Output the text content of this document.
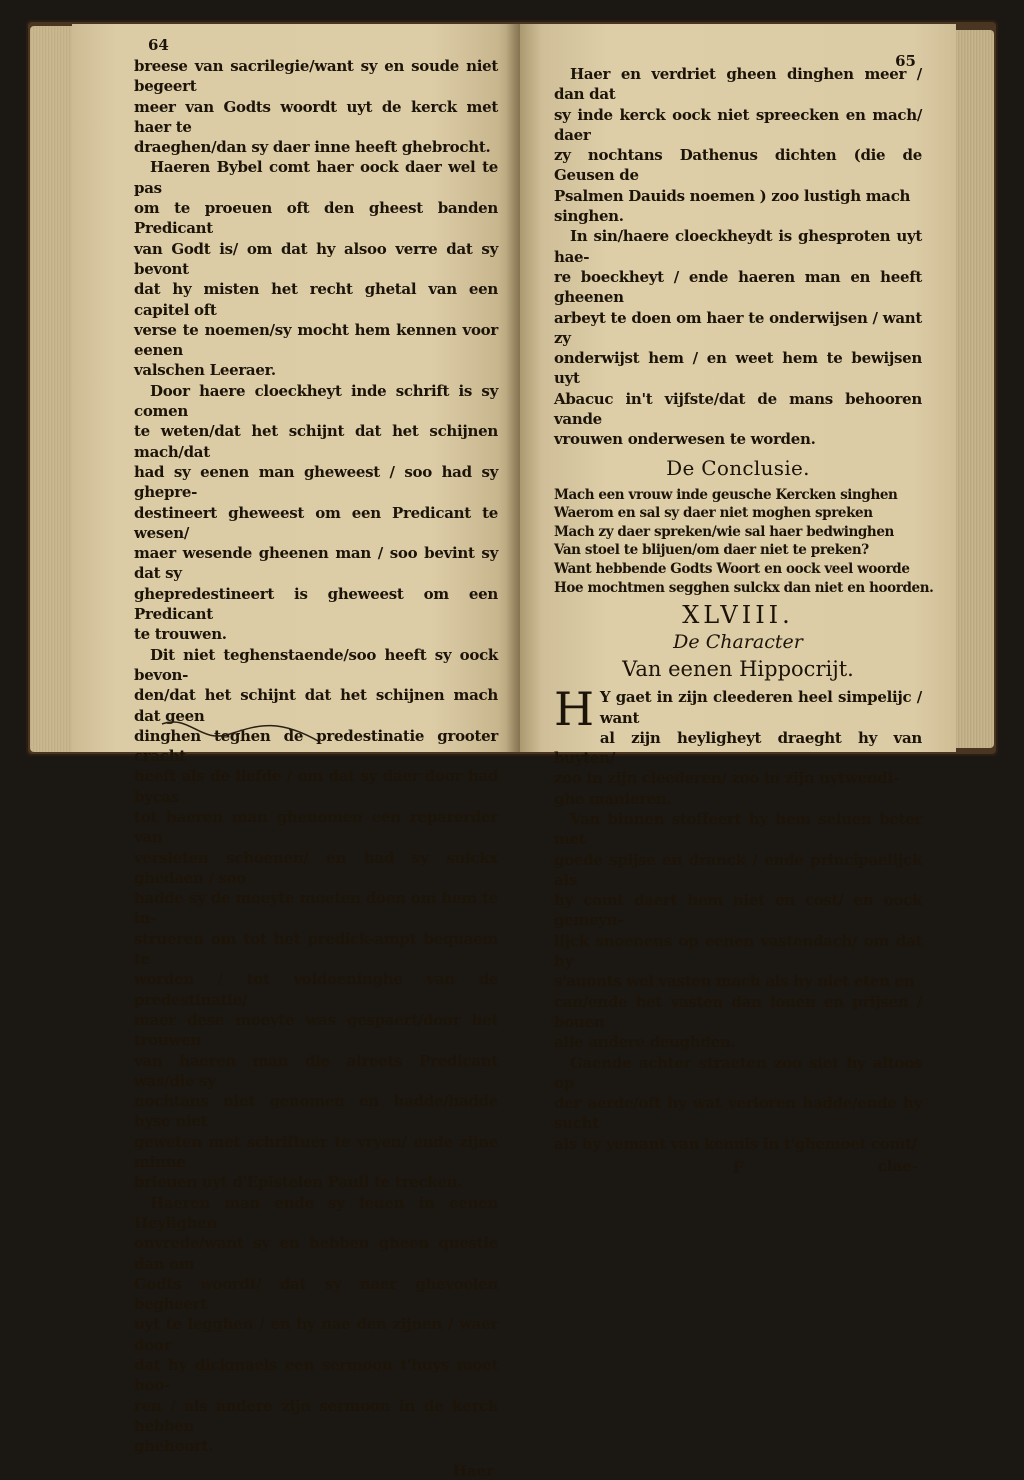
64

breese van sacrilegie/want sy en soude niet begeert

meer van Godts woordt uyt de kerck met haer te

draeghen/dan sy daer inne heeft ghebrocht.

Haeren Bybel comt haer oock daer wel te pas

om te proeuen oft den gheest banden Predicant

van Godt is/ om dat hy alsoo verre dat sy bevont

dat hy misten het recht ghetal van een capitel oft

verse te noemen/sy mocht hem kennen voor eenen

valschen Leeraer.

Door haere cloeckheyt inde schrift is sy comen

te weten/dat het schijnt dat het schijnen mach/dat

had sy eenen man gheweest / soo had sy ghepre-

destineert gheweest om een Predicant te wesen/

maer wesende gheenen man / soo bevint sy dat sy

ghepredestineert is gheweest om een Predicant

te trouwen.

Dit niet teghenstaende/soo heeft sy oock bevon-

den/dat het schijnt dat het schijnen mach dat geen

dinghen teghen de predestinatie grooter cracht

heeft als de liefde / om dat sy daer door had bycas

tot haeren man ghenomen een reparerder van

versleten schoenen/ en had sy sulckx ghedaen / soo

hadde sy de moeyte moeten doen om hem te in-

strueren om tot het predick-ampt bequaem te

worden / tot voldoeninghe van de predestinatie/

maer dese moeyte was gespaert/door het trouwen

van haeren man die alreets Predicant was/die sy

nochtans niet genomen en hadde/hadde hyse niet

geweten met schriftuer te vryen/ ende zijne minne

brieuen uyt d'Epistelen Pauli te trecken.

Haeren man ende sy leuen in eenen Heylighen

onvrede/want sy en hebben gheen questie dan om

Godts woordt/ dat sy naer ghevoelen begheert

uyt te legghen / en hy nae den zijnen / waer door

dat hy dickmaels een sermoon t'huys moet hoo-

ren / als andere zijn sermoon in de kerck hebben

ghehoort.

Haer
65

Haer en verdriet gheen dinghen meer / dan dat

sy inde kerck oock niet spreecken en mach/ daer

zy nochtans Dathenus dichten (die de Geusen de

Psalmen Dauids noemen ) zoo lustigh mach

singhen.

In sin/haere cloeckheydt is ghesproten uyt hae-

re boeckheyt / ende haeren man en heeft gheenen

arbeyt te doen om haer te onderwijsen / want zy

onderwijst hem / en weet hem te bewijsen uyt

Abacuc in't vijfste/dat de mans behooren vande

vrouwen onderwesen te worden.

De Conclusie.
Mach een vrouw inde geusche Kercken singhen
Waerom en sal sy daer niet moghen spreken
Mach zy daer spreken/wie sal haer bedwinghen
Van stoel te blijuen/om daer niet te preken?
Want hebbende Godts Woort en oock veel woorde
Hoe mochtmen segghen sulckx dan niet en hoorden.
XLVIII.
De Character
Van eenen Hippocrijt.
H Y gaet in zijn cleederen heel simpelijc / want

al zijn heyligheyt draeght hy van buyten/

zoo in zijn cleederen/ zoo in zijn uytwendi-

ghe manieren.

Van binnen stoffeert hy hem seluen beter met

goede spijse en dranck / ende principaelijck als

hy comt daert hem niet en cost/ en oock gemeyn-

lijck snoenens op eenen vastendach/ om dat hy

s'auonts wel vasten mach als hy niet eten en

can/ende het vasten dan louen en prijsen / bouen

alle andere deughden.

Gaende achter straeten zoo siet hy altoos op

der aerde/oft hy wat verloren hadde/ende hy sucht

als hy yemant van kennis in t'ghemoet comt/

F	clae-
